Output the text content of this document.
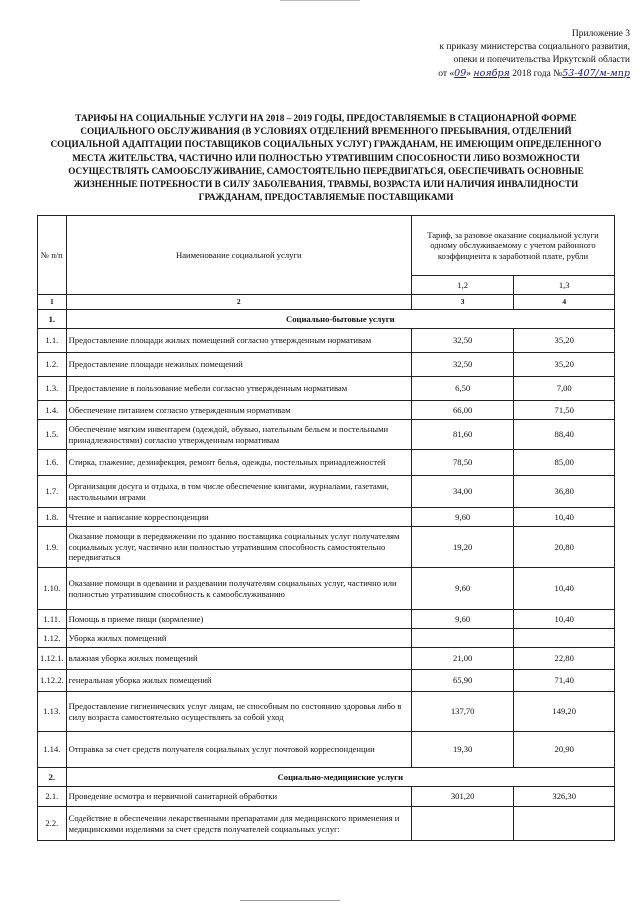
Приложение 3
к приказу министерства социального развития,
опеки и попечительства Иркутской области
от «09» ноября 2018 года №53-407/м-мпр
ТАРИФЫ НА СОЦИАЛЬНЫЕ УСЛУГИ НА 2018 – 2019 ГОДЫ, ПРЕДОСТАВЛЯЕМЫЕ В СТАЦИОНАРНОЙ ФОРМЕ СОЦИАЛЬНОГО ОБСЛУЖИВАНИЯ (В УСЛОВИЯХ ОТДЕЛЕНИЙ ВРЕМЕННОГО ПРЕБЫВАНИЯ, ОТДЕЛЕНИЙ СОЦИАЛЬНОЙ АДАПТАЦИИ ПОСТАВЩИКОВ СОЦИАЛЬНЫХ УСЛУГ) ГРАЖДАНАМ, НЕ ИМЕЮЩИМ ОПРЕДЕЛЕННОГО МЕСТА ЖИТЕЛЬСТВА, ЧАСТИЧНО ИЛИ ПОЛНОСТЬЮ УТРАТИВШИМ СПОСОБНОСТИ ЛИБО ВОЗМОЖНОСТИ ОСУЩЕСТВЛЯТЬ САМООБСЛУЖИВАНИЕ, САМОСТОЯТЕЛЬНО ПЕРЕДВИГАТЬСЯ, ОБЕСПЕЧИВАТЬ ОСНОВНЫЕ ЖИЗНЕННЫЕ ПОТРЕБНОСТИ В СИЛУ ЗАБОЛЕВАНИЯ, ТРАВМЫ, ВОЗРАСТА ИЛИ НАЛИЧИЯ ИНВАЛИДНОСТИ ГРАЖДАНАМ, ПРЕДОСТАВЛЯЕМЫЕ ПОСТАВЩИКАМИ
№ п/п	Наименование социальной услуги	Тариф, за разовое оказание социальной услуги одному обслуживаемому с учетом районного коэффициента к заработной плате, рубли	
		1,2	1,3
1	2	3	4
1.	Социально-бытовые услуги		
1.1.	Предоставление площади жилых помещений согласно утвержденным нормативам	32,50	35,20
1.2.	Предоставление площади нежилых помещений	32,50	35,20
1.3.	Предоставление в пользование мебели согласно утвержденным нормативам	6,50	7,00
1.4.	Обеспечение питанием согласно утвержденным нормативам	66,00	71,50
1.5.	Обеспечение мягким инвентарем (одеждой, обувью, нательным бельем и постельными принадлежностями) согласно утвержденным нормативам	81,60	88,40
1.6.	Стирка, глажение, дезинфекция, ремонт белья, одежды, постельных принадлежностей	78,50	85,00
1.7.	Организация досуга и отдыха, в том числе обеспечение книгами, журналами, газетами, настольными играми	34,00	36,80
1.8.	Чтение и написание корреспонденции	9,60	10,40
1.9.	Оказание помощи в передвижении по зданию поставщика социальных услуг получателям социальных услуг, частично или полностью утратившим способность самостоятельно передвигаться	19,20	20,80
1.10.	Оказание помощи в одевании и раздевании получателям социальных услуг, частично или полностью утратившим способность к самообслуживанию	9,60	10,40
1.11.	Помощь в приеме пищи (кормление)	9,60	10,40
1.12.	Уборка жилых помещений		
1.12.1.	влажная уборка жилых помещений	21,00	22,80
1.12.2.	генеральная уборка жилых помещений	65,90	71,40
1.13.	Предоставление гигиенических услуг лицам, не способным по состоянию здоровья либо в силу возраста самостоятельно осуществлять за собой уход	137,70	149,20
1.14.	Отправка за счет средств получателя социальных услуг почтовой корреспонденции	19,30	20,90
2.	Социально-медицинские услуги		
2.1.	Проведение осмотра и первичной санитарной обработки	301,20	326,30
2.2.	Содействие в обеспечении лекарственными препаратами для медицинского применения и медицинскими изделиями за счет средств получателей социальных услуг:		
